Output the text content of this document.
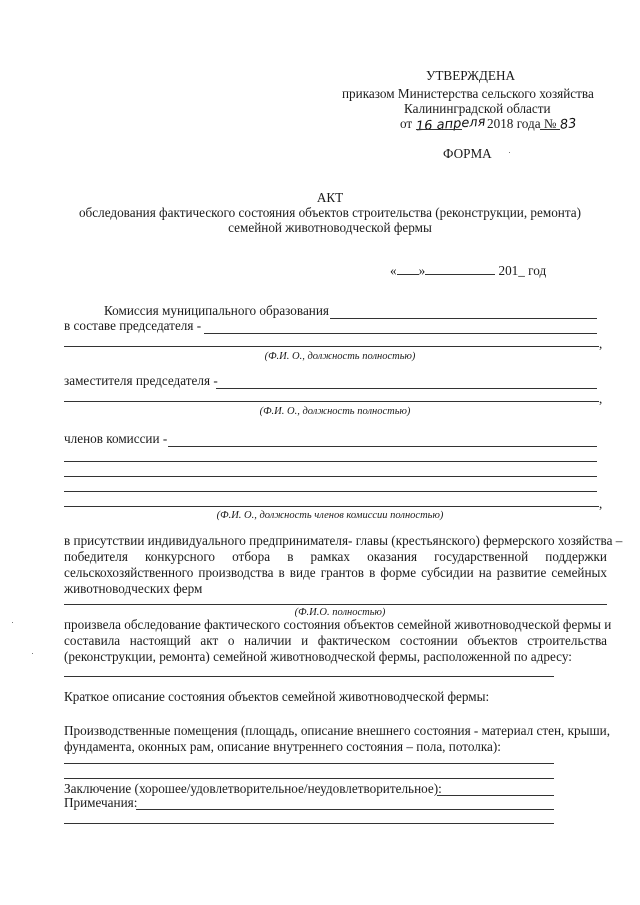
УТВЕРЖДЕНА
приказом Министерства сельского хозяйства
Калининградской области
от 16 апреля2018 года № 83
ФОРМА
АКТ
обследования фактического состояния объектов строительства (реконструкции, ремонта)
семейной животноводческой фермы
« »	201_ год
Комиссия муниципального образования
в составе председателя -
,
(Ф.И. О., должность полностью)
заместителя председателя -
,
(Ф.И. О., должность полностью)
членов комиссии -
,
(Ф.И. О., должность членов комиссии полностью)
в присутствии индивидуального предпринимателя- главы (крестьянского) фермерского хозяйства –
победителя конкурсного отбора в рамках оказания государственной поддержки
сельскохозяйственного производства в виде грантов в форме субсидии на развитие семейных
животноводческих ферм
(Ф.И.О. полностью)
произвела обследование фактического состояния объектов семейной животноводческой фермы и
составила настоящий акт о наличии и фактическом состоянии объектов строительства
(реконструкции, ремонта) семейной животноводческой фермы, расположенной по адресу:
Краткое описание состояния объектов семейной животноводческой фермы:
Производственные помещения (площадь, описание внешнего состояния - материал стен, крыши,
фундамента, оконных рам, описание внутреннего состояния – пола, потолка):
Заключение (хорошее/удовлетворительное/неудовлетворительное):
Примечания:
